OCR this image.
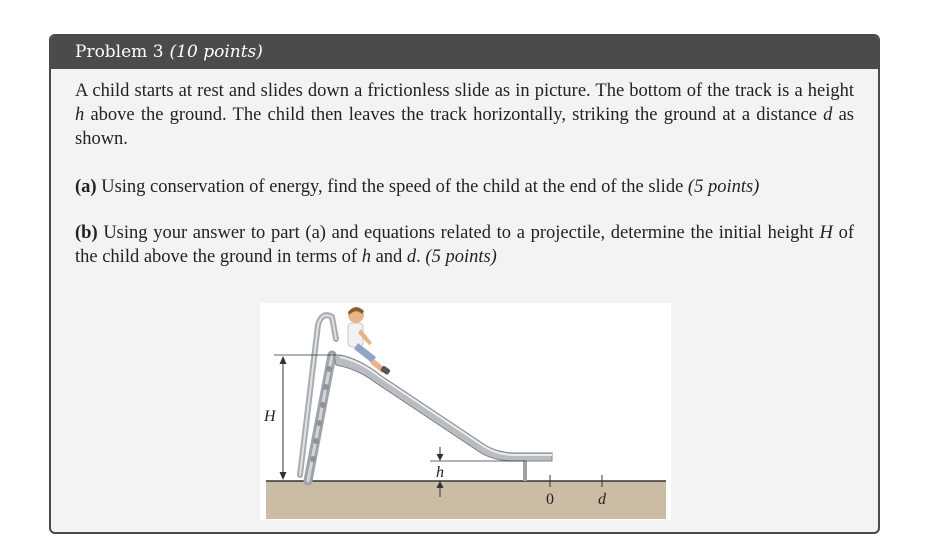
Problem 3 (10 points)

A child starts at rest and slides down a frictionless slide as in picture. The bottom of the track is a height h above the ground. The child then leaves the track horizontally, striking the ground at a distance d as shown.

(a) Using conservation of energy, find the speed of the child at the end of the slide (5 points)

(b) Using your answer to part (a) and equations related to a projectile, determine the initial height H of the child above the ground in terms of h and d. (5 points)

H
h
0	d
